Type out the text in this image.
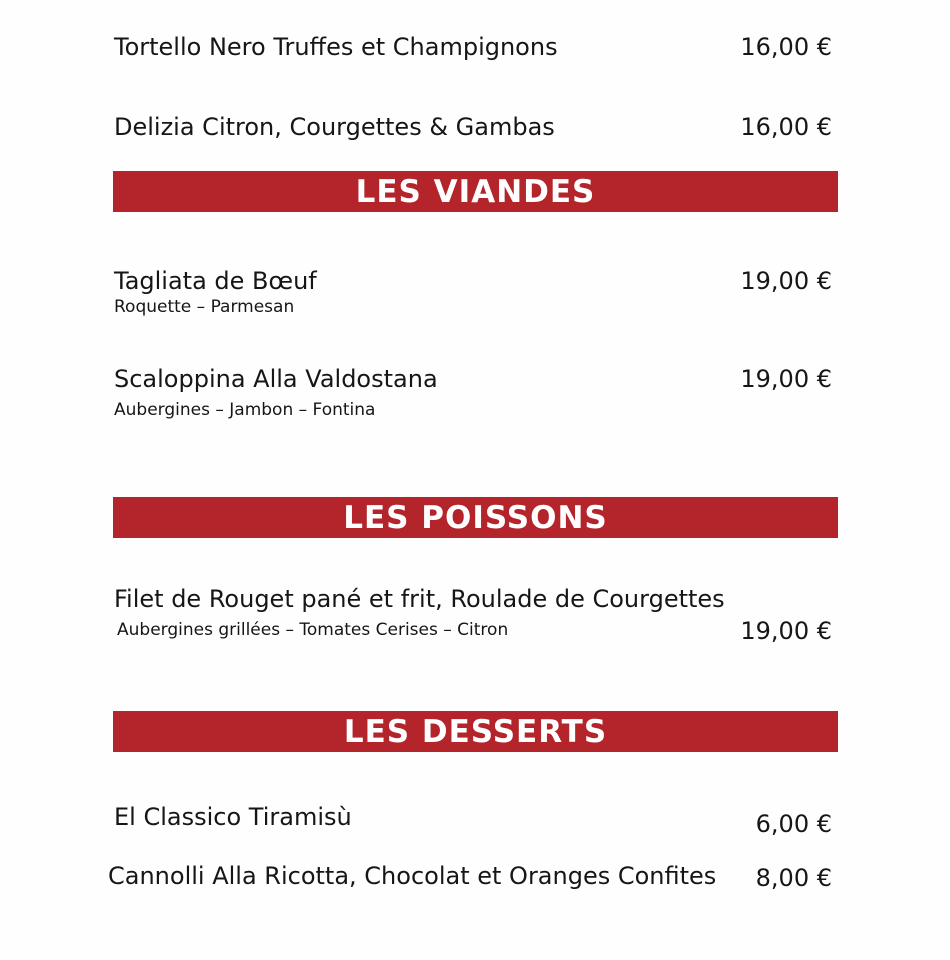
Tortello Nero Truffes et Champignons	16,00 €
Delizia Citron, Courgettes & Gambas	16,00 €
LES VIANDES
Tagliata de Bœuf
Roquette – Parmesan
19,00 €
Scaloppina Alla Valdostana
Aubergines – Jambon – Fontina
19,00 €
LES POISSONS
Filet de Rouget pané et frit, Roulade de Courgettes
Aubergines grillées – Tomates Cerises – Citron	19,00 €
LES DESSERTS
El Classico Tiramisù	6,00 €
Cannolli Alla Ricotta, Chocolat et Oranges Confites 8,00 €
